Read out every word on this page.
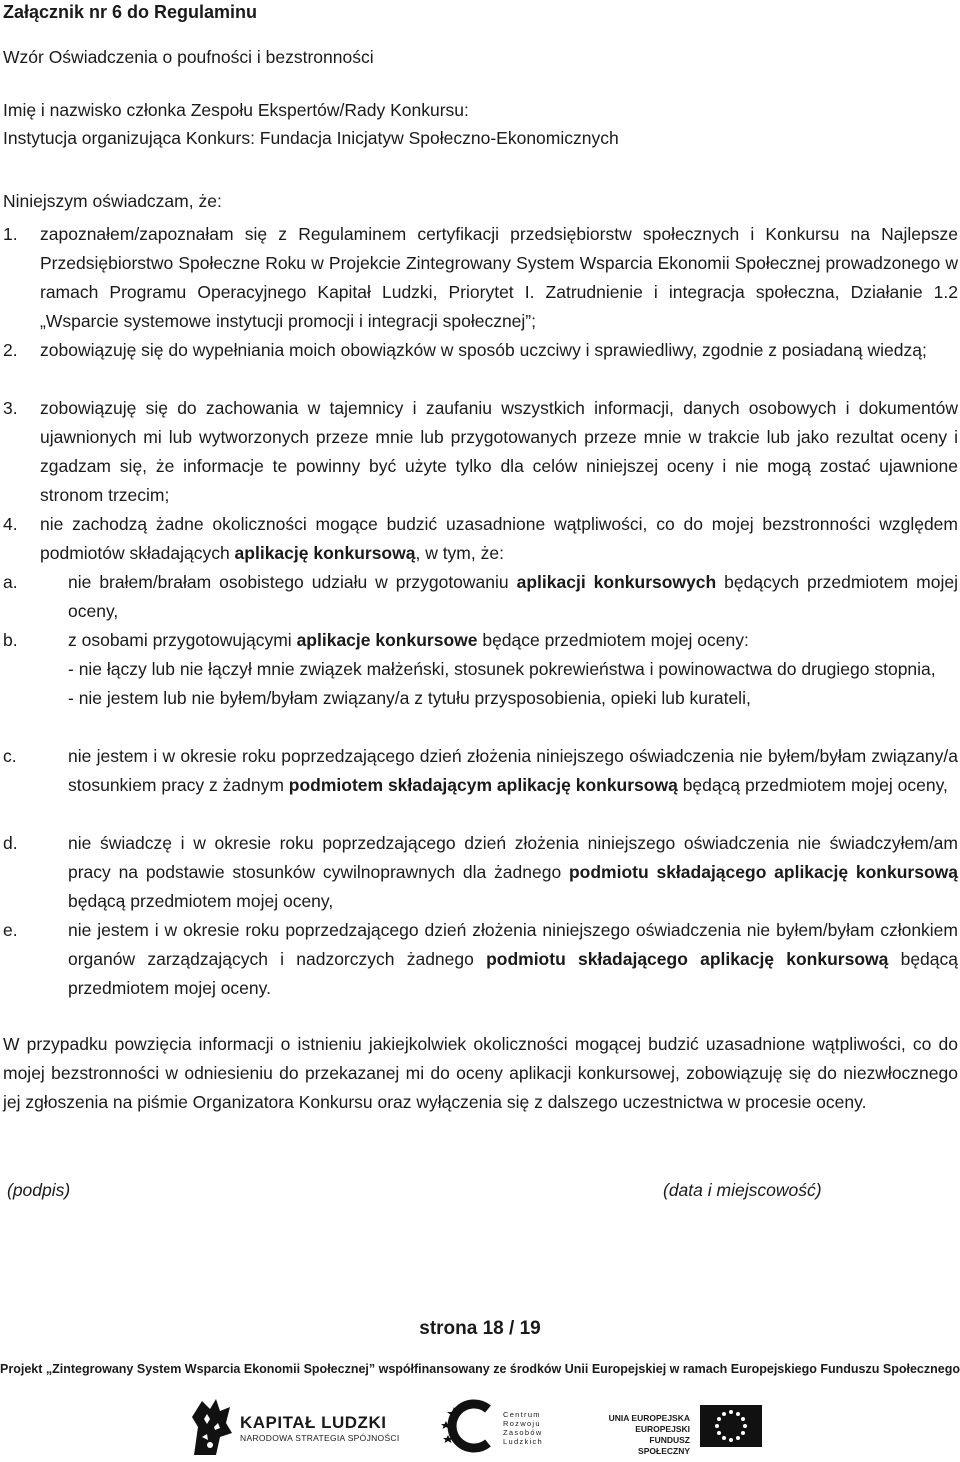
Załącznik nr 6 do Regulaminu
Wzór Oświadczenia o poufności i bezstronności
Imię i nazwisko członka Zespołu Ekspertów/Rady Konkursu:
Instytucja organizująca Konkurs: Fundacja Inicjatyw Społeczno-Ekonomicznych
Niniejszym oświadczam, że:
1. zapoznałem/zapoznałam się z Regulaminem certyfikacji przedsiębiorstw społecznych i Konkursu na Najlepsze Przedsiębiorstwo Społeczne Roku w Projekcie Zintegrowany System Wsparcia Ekonomii Społecznej prowadzonego w ramach Programu Operacyjnego Kapitał Ludzki, Priorytet I. Zatrudnienie i integracja społeczna, Działanie 1.2 „Wsparcie systemowe instytucji promocji i integracji społecznej”;
2. zobowiązuję się do wypełniania moich obowiązków w sposób uczciwy i sprawiedliwy, zgodnie z posiadaną wiedzą;
3. zobowiązuję się do zachowania w tajemnicy i zaufaniu wszystkich informacji, danych osobowych i dokumentów ujawnionych mi lub wytworzonych przeze mnie lub przygotowanych przeze mnie w trakcie lub jako rezultat oceny i zgadzam się, że informacje te powinny być użyte tylko dla celów niniejszej oceny i nie mogą zostać ujawnione stronom trzecim;
4. nie zachodzą żadne okoliczności mogące budzić uzasadnione wątpliwości, co do mojej bezstronności względem podmiotów składających aplikację konkursową, w tym, że:
a.	nie brałem/brałam osobistego udziału w przygotowaniu aplikacji konkursowych będących przedmiotem mojej oceny,
b.	z osobami przygotowującymi aplikacje konkursowe będące przedmiotem mojej oceny:
- nie łączy lub nie łączył mnie związek małżeński, stosunek pokrewieństwa i powinowactwa do drugiego stopnia,
- nie jestem lub nie byłem/byłam związany/a z tytułu przysposobienia, opieki lub kurateli,
c.	nie jestem i w okresie roku poprzedzającego dzień złożenia niniejszego oświadczenia nie byłem/byłam związany/a stosunkiem pracy z żadnym podmiotem składającym aplikację konkursową będącą przedmiotem mojej oceny,
d.	nie świadczę i w okresie roku poprzedzającego dzień złożenia niniejszego oświadczenia nie świadczyłem/am pracy na podstawie stosunków cywilnoprawnych dla żadnego podmiotu składającego aplikację konkursową będącą przedmiotem mojej oceny,
e.	nie jestem i w okresie roku poprzedzającego dzień złożenia niniejszego oświadczenia nie byłem/byłam członkiem organów zarządzających i nadzorczych żadnego podmiotu składającego aplikację konkursową będącą przedmiotem mojej oceny.
W przypadku powzięcia informacji o istnieniu jakiejkolwiek okoliczności mogącej budzić uzasadnione wątpliwości, co do mojej bezstronności w odniesieniu do przekazanej mi do oceny aplikacji konkursowej, zobowiązuję się do niezwłocznego jej zgłoszenia na piśmie Organizatora Konkursu oraz wyłączenia się z dalszego uczestnictwa w procesie oceny.
(podpis)	(data i miejscowość)
strona 18 / 19
Projekt „Zintegrowany System Wsparcia Ekonomii Społecznej” współfinansowany ze środków Unii Europejskiej w ramach Europejskiego Funduszu Społecznego
KAPITAŁ LUDZKI
NARODOWA STRATEGIA SPÓJNOŚCI
Centrum
Rozwoju
Zasobów
Ludzkich
UNIA EUROPEJSKA
EUROPEJSKI
FUNDUSZ SPOŁECZNY
